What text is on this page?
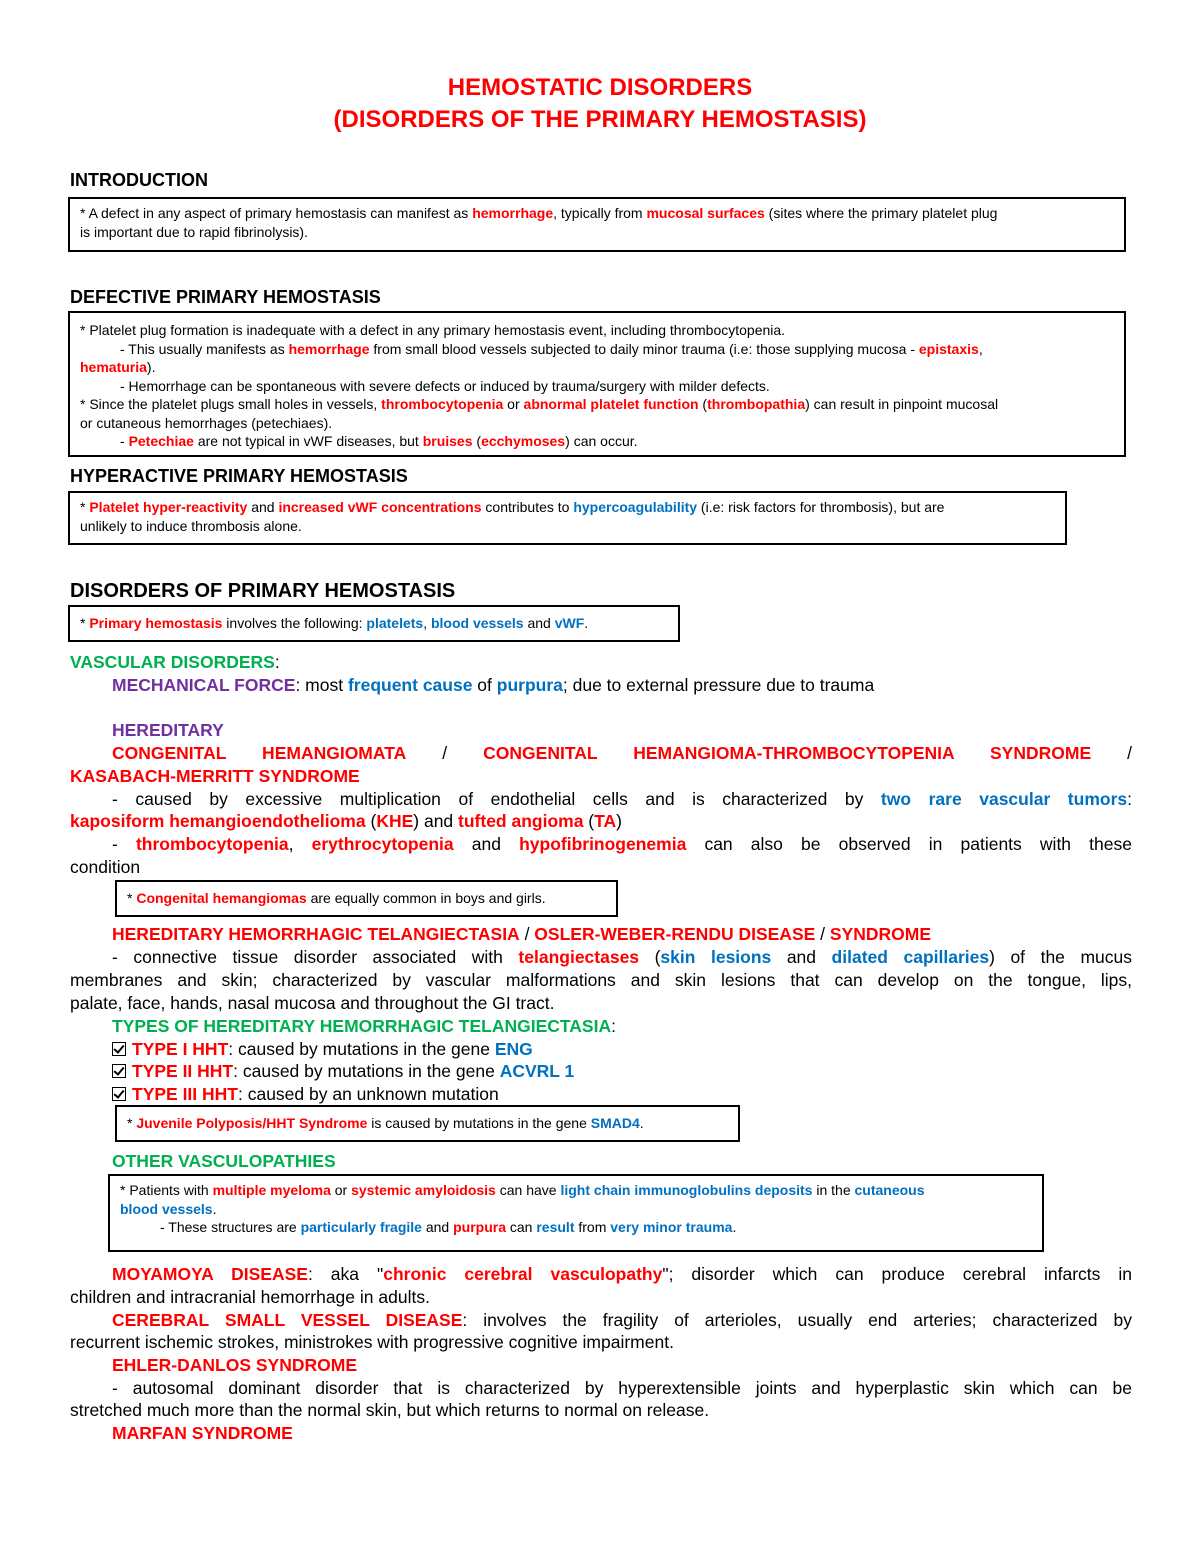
HEMOSTATIC DISORDERS
(DISORDERS OF THE PRIMARY HEMOSTASIS)
INTRODUCTION
* A defect in any aspect of primary hemostasis can manifest as hemorrhage, typically from mucosal surfaces (sites where the primary platelet plug
is important due to rapid fibrinolysis).
DEFECTIVE PRIMARY HEMOSTASIS
* Platelet plug formation is inadequate with a defect in any primary hemostasis event, including thrombocytopenia.
- This usually manifests as hemorrhage from small blood vessels subjected to daily minor trauma (i.e: those supplying mucosa - epistaxis,
hematuria).
- Hemorrhage can be spontaneous with severe defects or induced by trauma/surgery with milder defects.
* Since the platelet plugs small holes in vessels, thrombocytopenia or abnormal platelet function (thrombopathia) can result in pinpoint mucosal
or cutaneous hemorrhages (petechiaes).
- Petechiae are not typical in vWF diseases, but bruises (ecchymoses) can occur.
HYPERACTIVE PRIMARY HEMOSTASIS
* Platelet hyper-reactivity and increased vWF concentrations contributes to hypercoagulability (i.e: risk factors for thrombosis), but are
unlikely to induce thrombosis alone.
DISORDERS OF PRIMARY HEMOSTASIS
* Primary hemostasis involves the following: platelets, blood vessels and vWF.
VASCULAR DISORDERS:
MECHANICAL FORCE: most frequent cause of purpura; due to external pressure due to trauma
HEREDITARY
CONGENITAL HEMANGIOMATA / CONGENITAL HEMANGIOMA-THROMBOCYTOPENIA SYNDROME /
KASABACH-MERRITT SYNDROME
- caused by excessive multiplication of endothelial cells and is characterized by two rare vascular tumors:
kaposiform hemangioendothelioma (KHE) and tufted angioma (TA)
- thrombocytopenia, erythrocytopenia and hypofibrinogenemia can also be observed in patients with these
condition
* Congenital hemangiomas are equally common in boys and girls.
HEREDITARY HEMORRHAGIC TELANGIECTASIA / OSLER-WEBER-RENDU DISEASE / SYNDROME
- connective tissue disorder associated with telangiectases (skin lesions and dilated capillaries) of the mucus
membranes and skin; characterized by vascular malformations and skin lesions that can develop on the tongue, lips,
palate, face, hands, nasal mucosa and throughout the GI tract.
TYPES OF HEREDITARY HEMORRHAGIC TELANGIECTASIA:
TYPE I HHT: caused by mutations in the gene ENG
TYPE II HHT: caused by mutations in the gene ACVRL 1
TYPE III HHT: caused by an unknown mutation
* Juvenile Polyposis/HHT Syndrome is caused by mutations in the gene SMAD4.
OTHER VASCULOPATHIES
* Patients with multiple myeloma or systemic amyloidosis can have light chain immunoglobulins deposits in the cutaneous
blood vessels.
- These structures are particularly fragile and purpura can result from very minor trauma.
MOYAMOYA DISEASE: aka "chronic cerebral vasculopathy"; disorder which can produce cerebral infarcts in
children and intracranial hemorrhage in adults.
CEREBRAL SMALL VESSEL DISEASE: involves the fragility of arterioles, usually end arteries; characterized by
recurrent ischemic strokes, ministrokes with progressive cognitive impairment.
EHLER-DANLOS SYNDROME
- autosomal dominant disorder that is characterized by hyperextensible joints and hyperplastic skin which can be
stretched much more than the normal skin, but which returns to normal on release.
MARFAN SYNDROME
